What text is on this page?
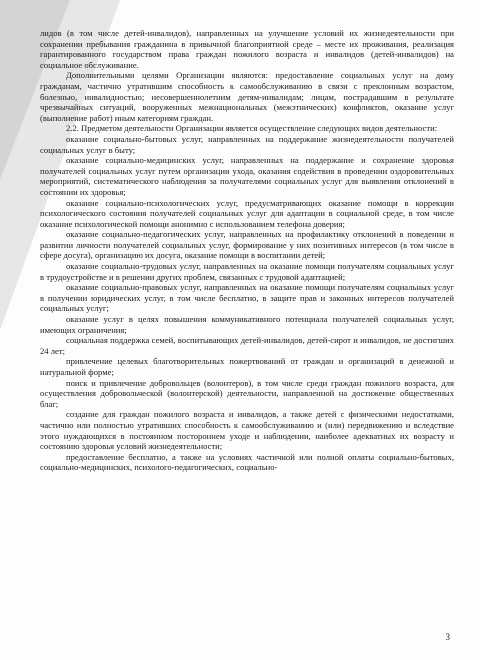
лидов (в том числе детей-инвалидов), направленных на улучшение условий их жизнедеятельности при сохранении пребывания гражданина в привычной благоприятной среде – месте их проживания, реализация гарантированного государством права граждан пожилого возраста и инвалидов (детей-инвалидов) на социальное обслуживание.

Дополнительными целями Организации являются: предоставление социальных услуг на дому гражданам, частично утратившим способность к самообслуживанию в связи с преклонным возрастом, болезнью, инвалидностью; несовершеннолетним детям-инвалидам; лицам, пострадавшим в результате чрезвычайных ситуаций, вооруженных межнациональных (межэтнических) конфликтов, оказание услуг (выполнение работ) иным категориям граждан.

2.2. Предметом деятельности Организации является осуществление следующих видов деятельности:

оказание социально-бытовых услуг, направленных на поддержание жизнедеятельности получателей социальных услуг в быту;

оказание социально-медицинских услуг, направленных на поддержание и сохранение здоровья получателей социальных услуг путем организации ухода, оказания содействия в проведении оздоровительных мероприятий, систематического наблюдения за получателями социальных услуг для выявления отклонений в состоянии их здоровья;

оказание социально-психологических услуг, предусматривающих оказание помощи в коррекции психологического состояния получателей социальных услуг для адаптации в социальной среде, в том числе оказание психологической помощи анонимно с использованием телефона доверия;

оказание социально-педагогических услуг, направленных на профилактику отклонений в поведении и развитии личности получателей социальных услуг, формирование у них позитивных интересов (в том числе в сфере досуга), организацию их досуга, оказание помощи в воспитании детей;

оказание социально-трудовых услуг, направленных на оказание помощи получателям социальных услуг в трудоустройстве и в решении других проблем, связанных с трудовой адаптацией;

оказание социально-правовых услуг, направленных на оказание помощи получателям социальных услуг в получении юридических услуг, в том числе бесплатно, в защите прав и законных интересов получателей социальных услуг;

оказание услуг в целях повышения коммуникативного потенциала получателей социальных услуг, имеющих ограничения;

социальная поддержка семей, воспитывающих детей-инвалидов, детей-сирот и инвалидов, не достигших 24 лет;

привлечение целевых благотворительных пожертвований от граждан и организаций в денежной и натуральной форме;

поиск и привлечение добровольцев (волонтеров), в том числе среди граждан пожилого возраста, для осуществления добровольческой (волонтерской) деятельности, направленной на достижение общественных благ;

создание для граждан пожилого возраста и инвалидов, а также детей с физическими недостатками, частично или полностью утративших способность к самообслуживанию и (или) передвижению и вследствие этого нуждающихся в постоянном постороннем уходе и наблюдении, наиболее адекватных их возрасту и состоянию здоровья условий жизнедеятельности;

предоставление бесплатно, а также на условиях частичной или полной оплаты социально-бытовых, социально-медицинских, психолого-педагогических, социально-

3
